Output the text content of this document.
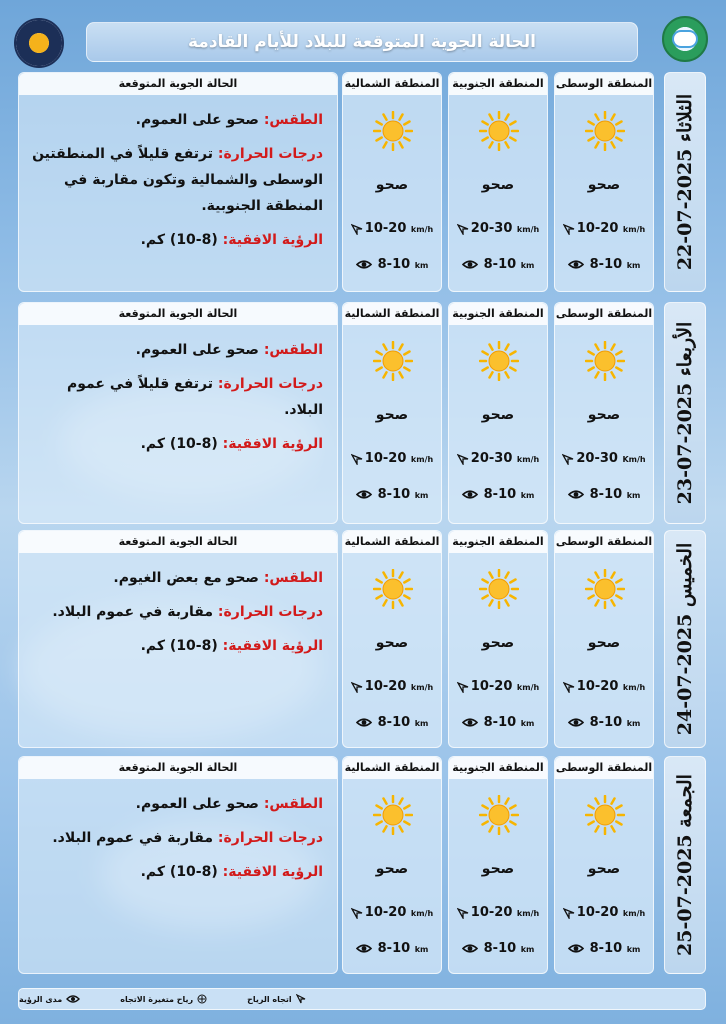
الحالة الجوية المتوقعة للبلاد للأيام القادمة
الثلاثاء 2025-07-22
المنطقة الوسطى
صحو
10-20 km/h
8-10 km
المنطقة الجنوبية
صحو
20-30 km/h
8-10 km
المنطقة الشمالية
صحو
10-20 km/h
8-10 km
الحالة الجوية المتوقعة

الطقس: صحو على العموم.

درجات الحرارة: ترتفع قليلاً في المنطقتين الوسطى والشمالية وتكون مقاربة في المنطقة الجنوبية.

الرؤية الافقية: (8-10) كم.

الأربعاء 2025-07-23
المنطقة الوسطى
صحو
20-30 Km/h
8-10 km
المنطقة الجنوبية
صحو
20-30 km/h
8-10 km
المنطقة الشمالية
صحو
10-20 km/h
8-10 km
الحالة الجوية المتوقعة

الطقس: صحو على العموم.

درجات الحرارة: ترتفع قليلاً في عموم البلاد.

الرؤية الافقية: (8-10) كم.

الخميس 2025-07-24
المنطقة الوسطى
صحو
10-20 km/h
8-10 km
المنطقة الجنوبية
صحو
10-20 km/h
8-10 km
المنطقة الشمالية
صحو
10-20 km/h
8-10 km
الحالة الجوية المتوقعة

الطقس: صحو مع بعض الغيوم.

درجات الحرارة: مقاربة في عموم البلاد.

الرؤية الافقية: (8-10) كم.

الجمعة 2025-07-25
المنطقة الوسطى
صحو
10-20 km/h
8-10 km
المنطقة الجنوبية
صحو
10-20 km/h
8-10 km
المنطقة الشمالية
صحو
10-20 km/h
8-10 km
الحالة الجوية المتوقعة

الطقس: صحو على العموم.

درجات الحرارة: مقاربة في عموم البلاد.

الرؤية الافقية: (8-10) كم.

اتجاه الرياح
رياح متغيرة الاتجاه
مدى الرؤية
